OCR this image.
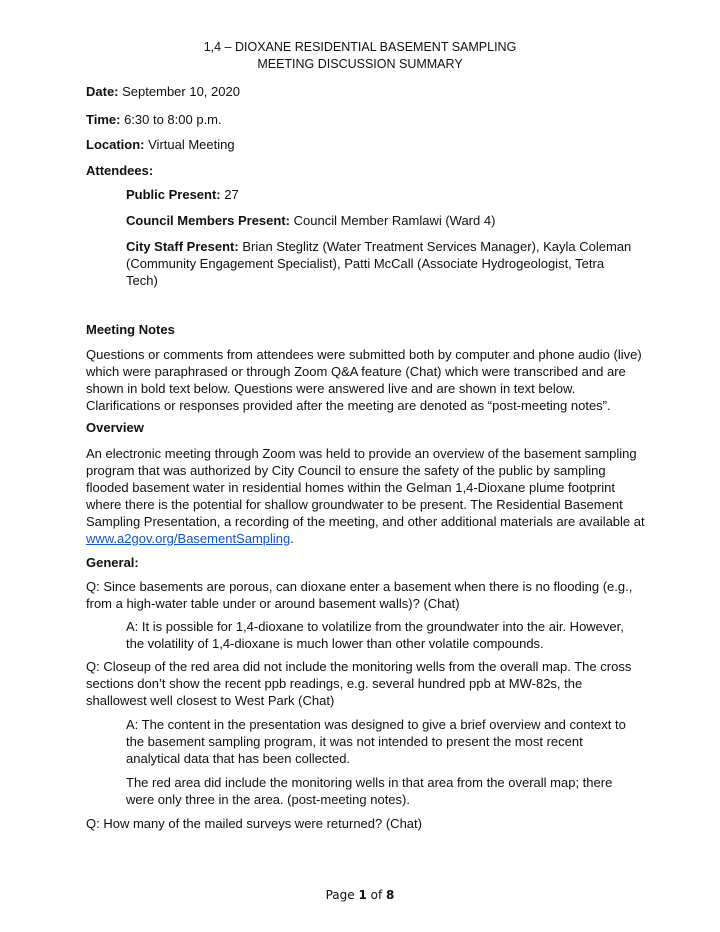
1,4 – DIOXANE RESIDENTIAL BASEMENT SAMPLING
MEETING DISCUSSION SUMMARY
Date: September 10, 2020
Time: 6:30 to 8:00 p.m.
Location: Virtual Meeting
Attendees:
Public Present: 27
Council Members Present: Council Member Ramlawi (Ward 4)
City Staff Present: Brian Steglitz (Water Treatment Services Manager), Kayla Coleman (Community Engagement Specialist), Patti McCall (Associate Hydrogeologist, Tetra Tech)
Meeting Notes
Questions or comments from attendees were submitted both by computer and phone audio (live) which were paraphrased or through Zoom Q&A feature (Chat) which were transcribed and are shown in bold text below. Questions were answered live and are shown in text below. Clarifications or responses provided after the meeting are denoted as “post-meeting notes”.
Overview
An electronic meeting through Zoom was held to provide an overview of the basement sampling program that was authorized by City Council to ensure the safety of the public by sampling flooded basement water in residential homes within the Gelman 1,4-Dioxane plume footprint where there is the potential for shallow groundwater to be present. The Residential Basement Sampling Presentation, a recording of the meeting, and other additional materials are available at www.a2gov.org/BasementSampling.
General:
Q: Since basements are porous, can dioxane enter a basement when there is no flooding (e.g., from a high-water table under or around basement walls)? (Chat)
A: It is possible for 1,4-dioxane to volatilize from the groundwater into the air. However, the volatility of 1,4-dioxane is much lower than other volatile compounds.
Q: Closeup of the red area did not include the monitoring wells from the overall map. The cross sections don’t show the recent ppb readings, e.g. several hundred ppb at MW-82s, the shallowest well closest to West Park (Chat)
A: The content in the presentation was designed to give a brief overview and context to the basement sampling program, it was not intended to present the most recent analytical data that has been collected.
The red area did include the monitoring wells in that area from the overall map; there were only three in the area. (post-meeting notes).
Q: How many of the mailed surveys were returned? (Chat)
Page 1 of 8
